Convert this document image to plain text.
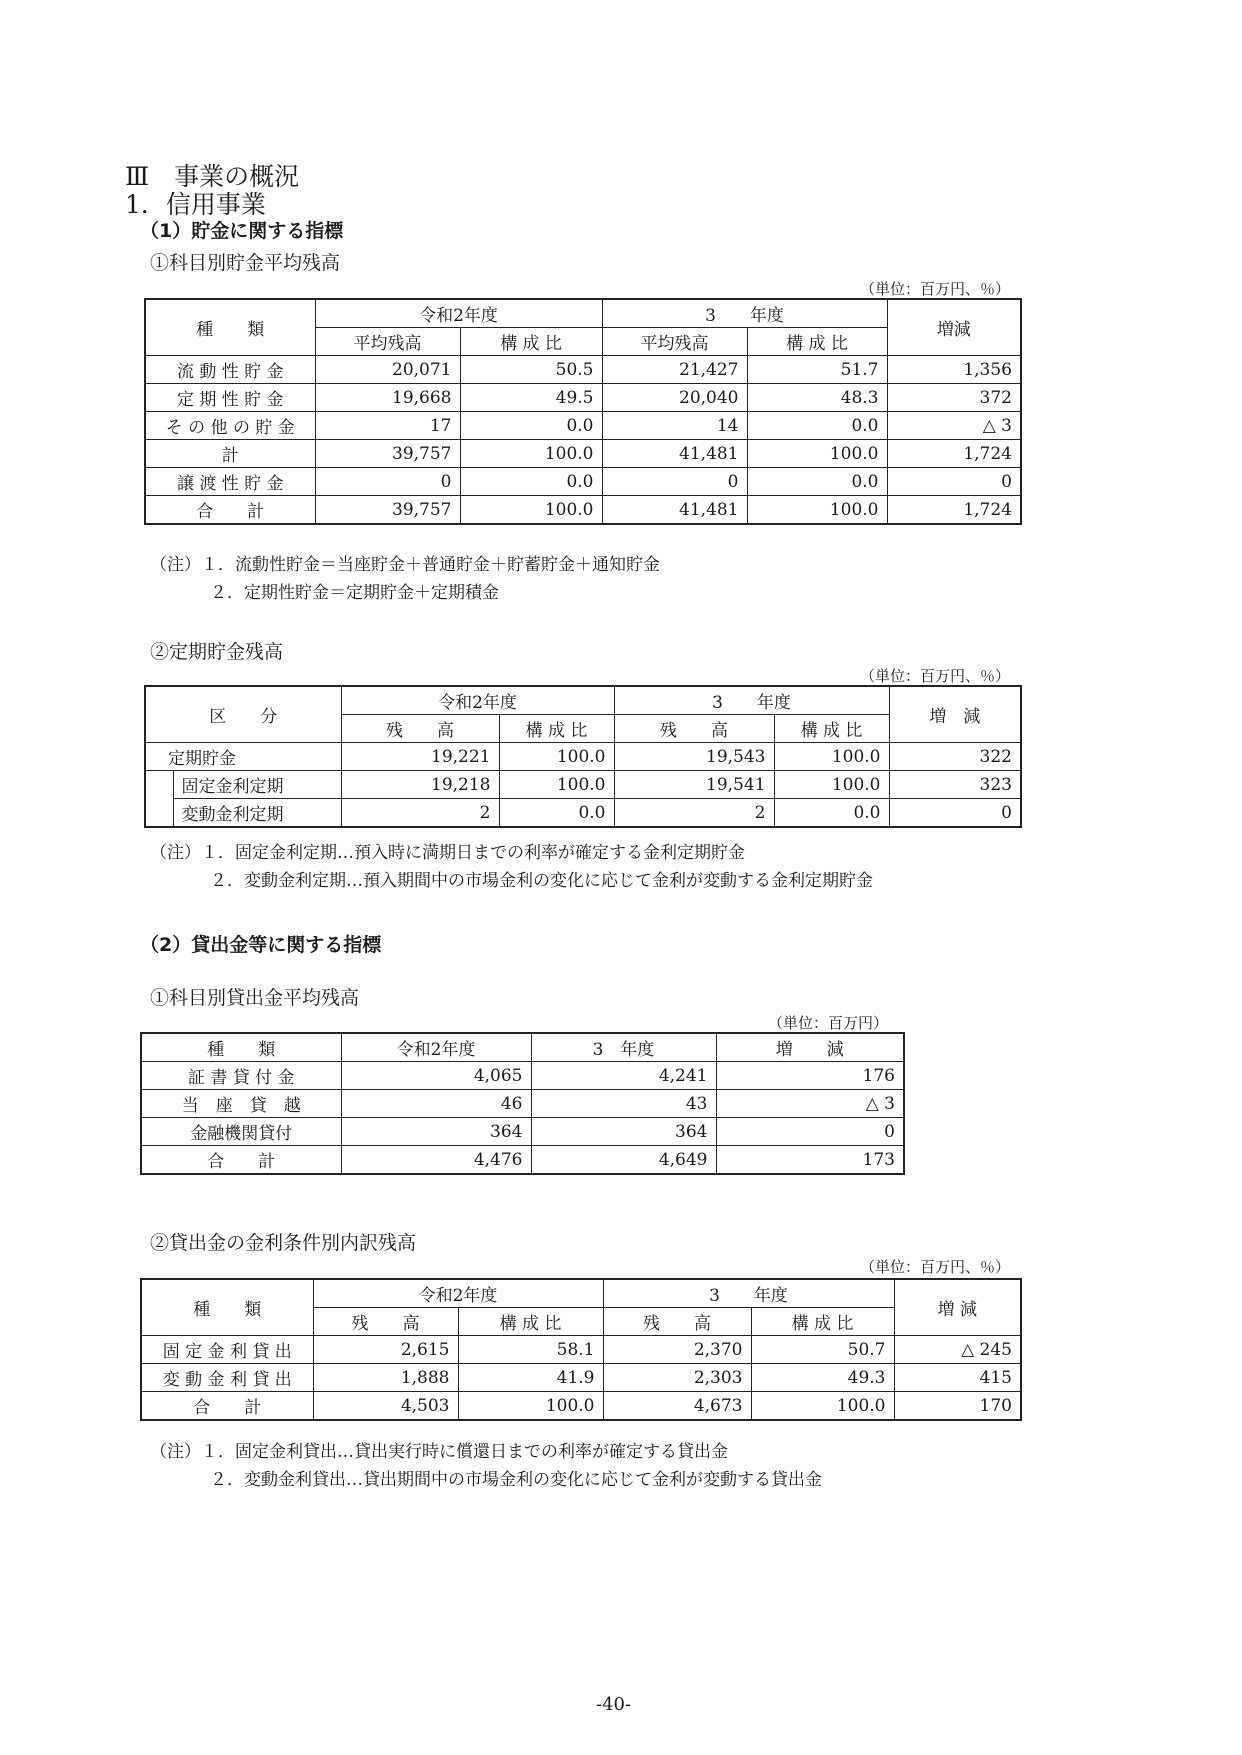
Ⅲ　事業の概況
1．信用事業
（1）貯金に関する指標
①科目別貯金平均残高
（単位：百万円、％）
種　　類	令和2年度		3　　年度		増減
	平均残高	構 成 比	平均残高	構 成 比	
流 動 性 貯 金	20,071	50.5	21,427	51.7	1,356
定 期 性 貯 金	19,668	49.5	20,040	48.3	372
そ の 他 の 貯 金	17	0.0	14	0.0	△ 3
計	39,757	100.0	41,481	100.0	1,724
譲 渡 性 貯 金	0	0.0	0	0.0	0
合　　計	39,757	100.0	41,481	100.0	1,724
（注）１．流動性貯金＝当座貯金＋普通貯金＋貯蓄貯金＋通知貯金
２．定期性貯金＝定期貯金＋定期積金
②定期貯金残高
（単位：百万円、％）
区　　分		令和2年度		3　　年度		増　減
		残　　高	構 成 比	残　　高	構 成 比	
定期貯金		19,221	100.0	19,543	100.0	322
	固定金利定期	19,218	100.0	19,541	100.0	323
	変動金利定期	2	0.0	2	0.0	0
（注）１．固定金利定期…預入時に満期日までの利率が確定する金利定期貯金
２．変動金利定期…預入期間中の市場金利の変化に応じて金利が変動する金利定期貯金
（2）貸出金等に関する指標
①科目別貸出金平均残高
（単位：百万円）
種　　類	令和2年度	3　年度	増　　減
証 書 貸 付 金	4,065	4,241	176
当　座　貸　越	46	43	△ 3
金融機関貸付	364	364	0
合　　計	4,476	4,649	173
②貸出金の金利条件別内訳残高
（単位：百万円、％）
種　　類	令和2年度		3　　年度		増 減
	残　　高	構 成 比	残　　高	構 成 比	
固 定 金 利 貸 出	2,615	58.1	2,370	50.7	△ 245
変 動 金 利 貸 出	1,888	41.9	2,303	49.3	415
合　　計	4,503	100.0	4,673	100.0	170
（注）１．固定金利貸出…貸出実行時に償還日までの利率が確定する貸出金
２．変動金利貸出…貸出期間中の市場金利の変化に応じて金利が変動する貸出金
-40-
